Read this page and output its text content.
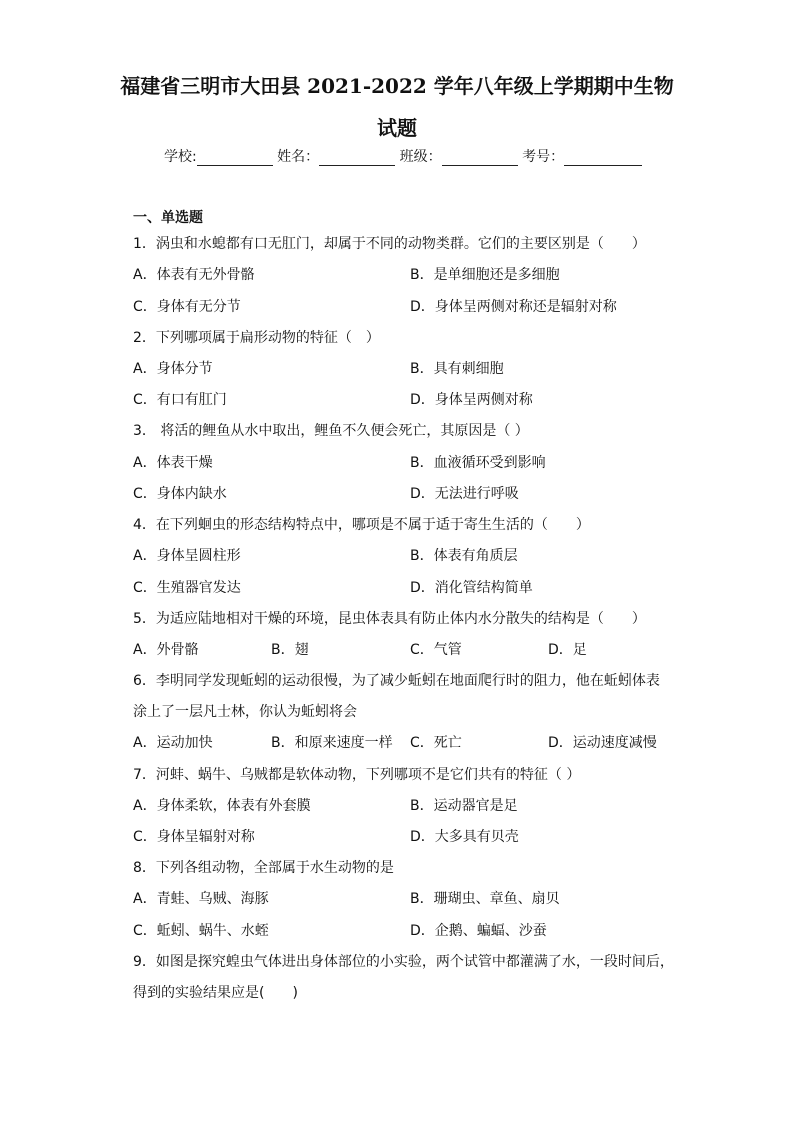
福建省三明市大田县 2021-2022 学年八年级上学期期中生物
试题
学校:	姓名：	班级：	考号：
一、单选题
1．涡虫和水螅都有口无肛门，却属于不同的动物类群。它们的主要区别是（　　）
A．体表有无外骨骼	B．是单细胞还是多细胞
C．身体有无分节	D．身体呈两侧对称还是辐射对称
2．下列哪项属于扁形动物的特征（　）
A．身体分节	B．具有刺细胞
C．有口有肛门	D．身体呈两侧对称
3． 将活的鲤鱼从水中取出，鲤鱼不久便会死亡，其原因是（ ）
A．体表干燥	B．血液循环受到影响
C．身体内缺水	D．无法进行呼吸
4．在下列蛔虫的形态结构特点中，哪项是不属于适于寄生生活的（　　）
A．身体呈圆柱形	B．体表有角质层
C．生殖器官发达	D．消化管结构简单
5．为适应陆地相对干燥的环境，昆虫体表具有防止体内水分散失的结构是（　　）
A．外骨骼	B．翅	C．气管	D．足
6．李明同学发现蚯蚓的运动很慢，为了减少蚯蚓在地面爬行时的阻力，他在蚯蚓体表
涂上了一层凡士林，你认为蚯蚓将会
A．运动加快	B．和原来速度一样 C．死亡	D．运动速度减慢
7．河蚌、蜗牛、乌贼都是软体动物，下列哪项不是它们共有的特征（ ）
A．身体柔软，体表有外套膜	B．运动器官是足
C．身体呈辐射对称	D．大多具有贝壳
8．下列各组动物，全部属于水生动物的是
A．青蛙、乌贼、海豚	B．珊瑚虫、章鱼、扇贝
C．蚯蚓、蜗牛、水蛭	D．企鹅、蝙蝠、沙蚕
9．如图是探究蝗虫气体进出身体部位的小实验，两个试管中都灌满了水，一段时间后，
得到的实验结果应是(　　)
